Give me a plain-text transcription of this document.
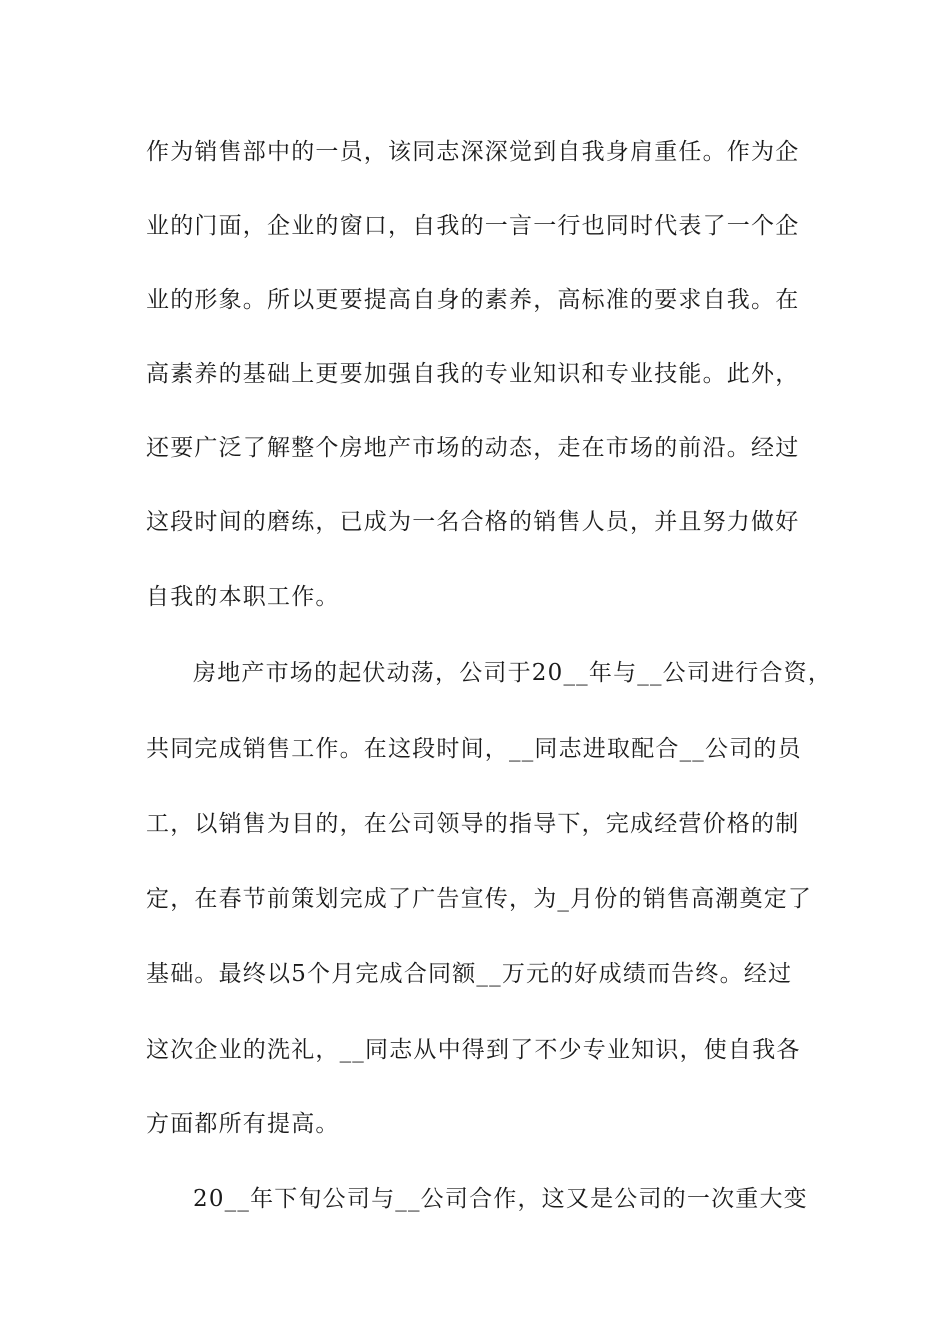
作为销售部中的一员，该同志深深觉到自我身肩重任。作为企
业的门面，企业的窗口，自我的一言一行也同时代表了一个企
业的形象。所以更要提高自身的素养，高标准的要求自我。在
高素养的基础上更要加强自我的专业知识和专业技能。此外，
还要广泛了解整个房地产市场的动态，走在市场的前沿。经过
这段时间的磨练，已成为一名合格的销售人员，并且努力做好
自我的本职工作。
房地产市场的起伏动荡，公司于20__年与__公司进行合资，
共同完成销售工作。在这段时间，__同志进取配合__公司的员
工，以销售为目的，在公司领导的指导下，完成经营价格的制
定，在春节前策划完成了广告宣传，为_月份的销售高潮奠定了
基础。最终以5个月完成合同额__万元的好成绩而告终。经过
这次企业的洗礼，__同志从中得到了不少专业知识，使自我各
方面都所有提高。
20__年下旬公司与__公司合作，这又是公司的一次重大变
